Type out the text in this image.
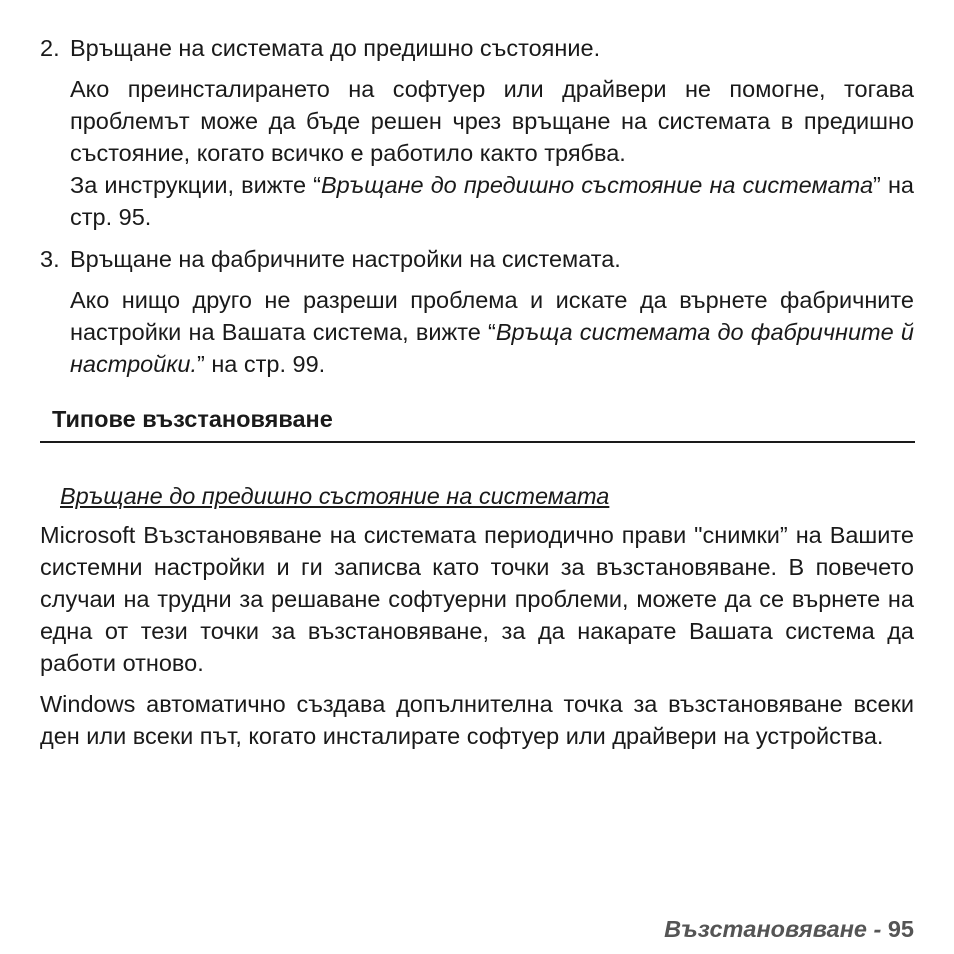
2. Връщане на системата до предишно състояние.
Ако преинсталирането на софтуер или драйвери не помогне, тогава проблемът може да бъде решен чрез връщане на системата в предишно състояние, когато всичко е работило както трябва.
За инструкции, вижте “Връщане до предишно състояние на системата” на стр. 95.
3. Връщане на фабричните настройки на системата.
Ако нищо друго не разреши проблема и искате да върнете фабричните настройки на Вашата система, вижте “Връща системата до фабричните й настройки.” на стр. 99.
Типове възстановяване
Връщане до предишно състояние на системата
Microsoft Възстановяване на системата периодично прави "снимки” на Вашите системни настройки и ги записва като точки за възстановяване. В повечето случаи на трудни за решаване софтуерни проблеми, можете да се върнете на една от тези точки за възстановяване, за да накарате Вашата система да работи отново.
Windows автоматично създава допълнителна точка за възстановяване всеки ден или всеки път, когато инсталирате софтуер или драйвери на устройства.
Възстановяване - 95
